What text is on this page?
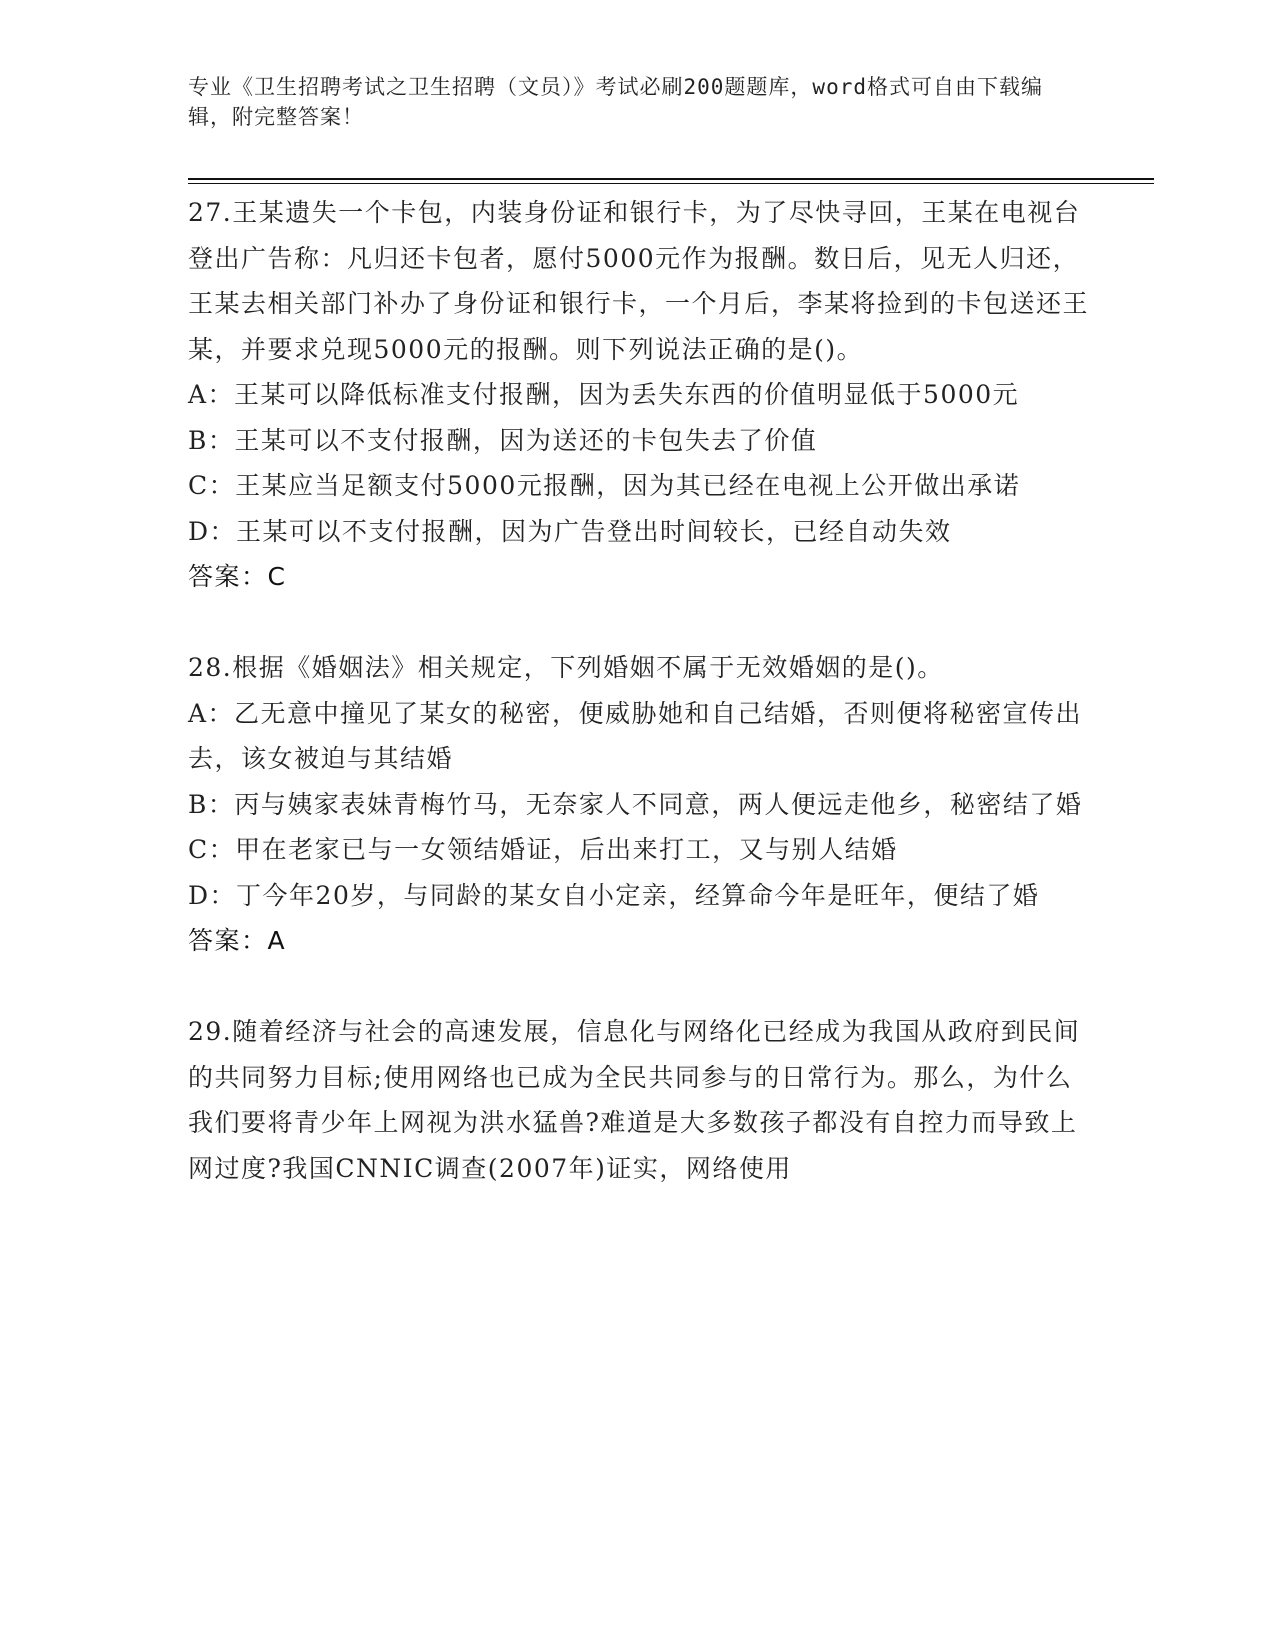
专业《卫生招聘考试之卫生招聘（文员）》考试必刷200题题库，word格式可自由下载编辑，附完整答案！

27.王某遗失一个卡包，内装身份证和银行卡，为了尽快寻回，王某在电视台登出广告称：凡归还卡包者，愿付5000元作为报酬。数日后，见无人归还，王某去相关部门补办了身份证和银行卡，一个月后，李某将捡到的卡包送还王某，并要求兑现5000元的报酬。则下列说法正确的是()。

A：王某可以降低标准支付报酬，因为丢失东西的价值明显低于5000元

B：王某可以不支付报酬，因为送还的卡包失去了价值

C：王某应当足额支付5000元报酬，因为其已经在电视上公开做出承诺

D：王某可以不支付报酬，因为广告登出时间较长，已经自动失效

答案：C

28.根据《婚姻法》相关规定，下列婚姻不属于无效婚姻的是()。

A：乙无意中撞见了某女的秘密，便威胁她和自己结婚，否则便将秘密宣传出去，该女被迫与其结婚

B：丙与姨家表妹青梅竹马，无奈家人不同意，两人便远走他乡，秘密结了婚

C：甲在老家已与一女领结婚证，后出来打工，又与别人结婚

D：丁今年20岁，与同龄的某女自小定亲，经算命今年是旺年，便结了婚

答案：A

29.随着经济与社会的高速发展，信息化与网络化已经成为我国从政府到民间的共同努力目标;使用网络也已成为全民共同参与的日常行为。那么，为什么我们要将青少年上网视为洪水猛兽?难道是大多数孩子都没有自控力而导致上网过度?我国CNNIC调查(2007年)证实，网络使用
